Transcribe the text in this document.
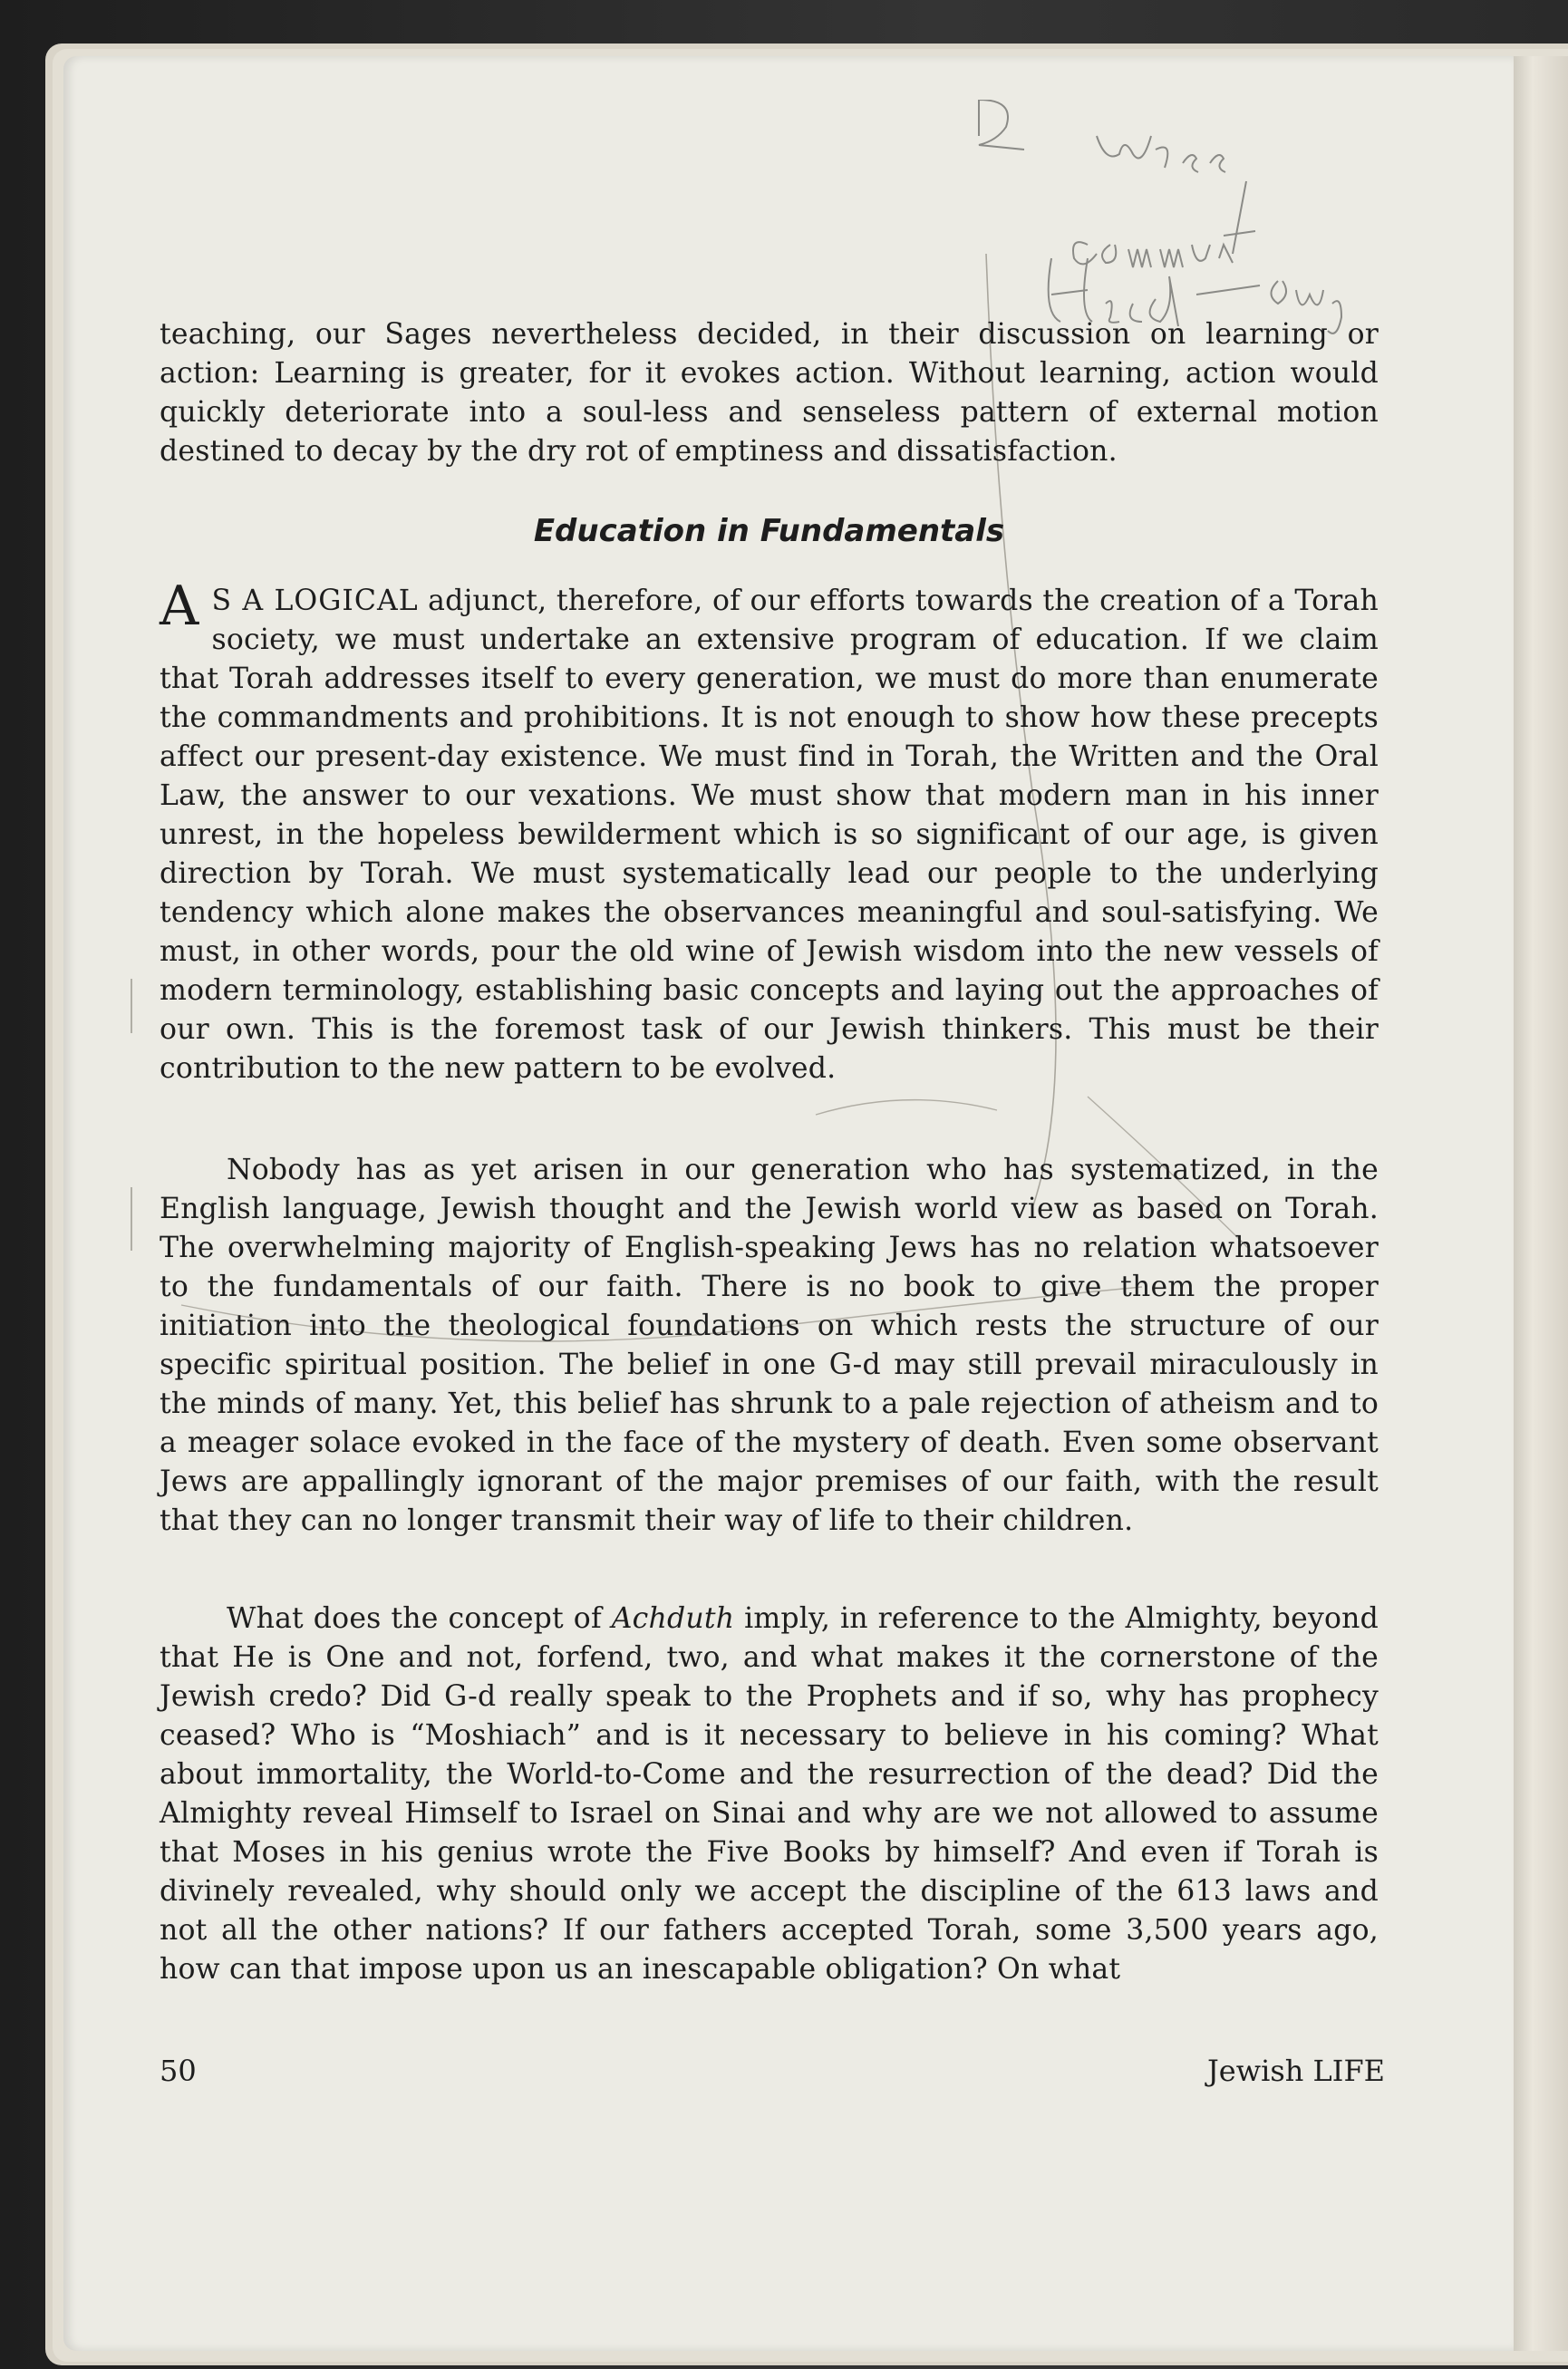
teaching, our Sages nevertheless decided, in their discussion on learning or action: Learning is greater, for it evokes action. Without learning, action would quickly deteriorate into a soul-less and senseless pattern of external motion destined to decay by the dry rot of emptiness and dissatisfaction.

Education in Fundamentals

A S A LOGICAL adjunct, therefore, of our efforts towards the creation of a Torah society, we must undertake an extensive program of education. If we claim that Torah addresses itself to every generation, we must do more than enumerate the commandments and prohibitions. It is not enough to show how these precepts affect our present-day existence. We must find in Torah, the Written and the Oral Law, the answer to our vexations. We must show that modern man in his inner unrest, in the hopeless bewilderment which is so significant of our age, is given direction by Torah. We must systematically lead our people to the underlying tendency which alone makes the observances meaningful and soul-satisfying. We must, in other words, pour the old wine of Jewish wisdom into the new vessels of modern terminology, establishing basic concepts and laying out the approaches of our own. This is the foremost task of our Jewish thinkers. This must be their contribution to the new pattern to be evolved.

Nobody has as yet arisen in our generation who has systematized, in the English language, Jewish thought and the Jewish world view as based on Torah. The overwhelming majority of English-speaking Jews has no relation whatsoever to the fundamentals of our faith. There is no book to give them the proper initiation into the theological foundations on which rests the structure of our specific spiritual position. The belief in one G-d may still prevail miraculously in the minds of many. Yet, this belief has shrunk to a pale rejection of atheism and to a meager solace evoked in the face of the mystery of death. Even some observant Jews are appallingly ignorant of the major premises of our faith, with the result that they can no longer transmit their way of life to their children.

What does the concept of Achduth imply, in reference to the Almighty, beyond that He is One and not, forfend, two, and what makes it the cornerstone of the Jewish credo? Did G-d really speak to the Prophets and if so, why has prophecy ceased? Who is “Moshiach” and is it necessary to believe in his coming? What about immortality, the World-to-Come and the resurrection of the dead? Did the Almighty reveal Himself to Israel on Sinai and why are we not allowed to assume that Moses in his genius wrote the Five Books by himself? And even if Torah is divinely revealed, why should only we accept the discipline of the 613 laws and not all the other nations? If our fathers accepted Torah, some 3,500 years ago, how can that impose upon us an inescapable obligation? On what

50	Jewish LIFE
